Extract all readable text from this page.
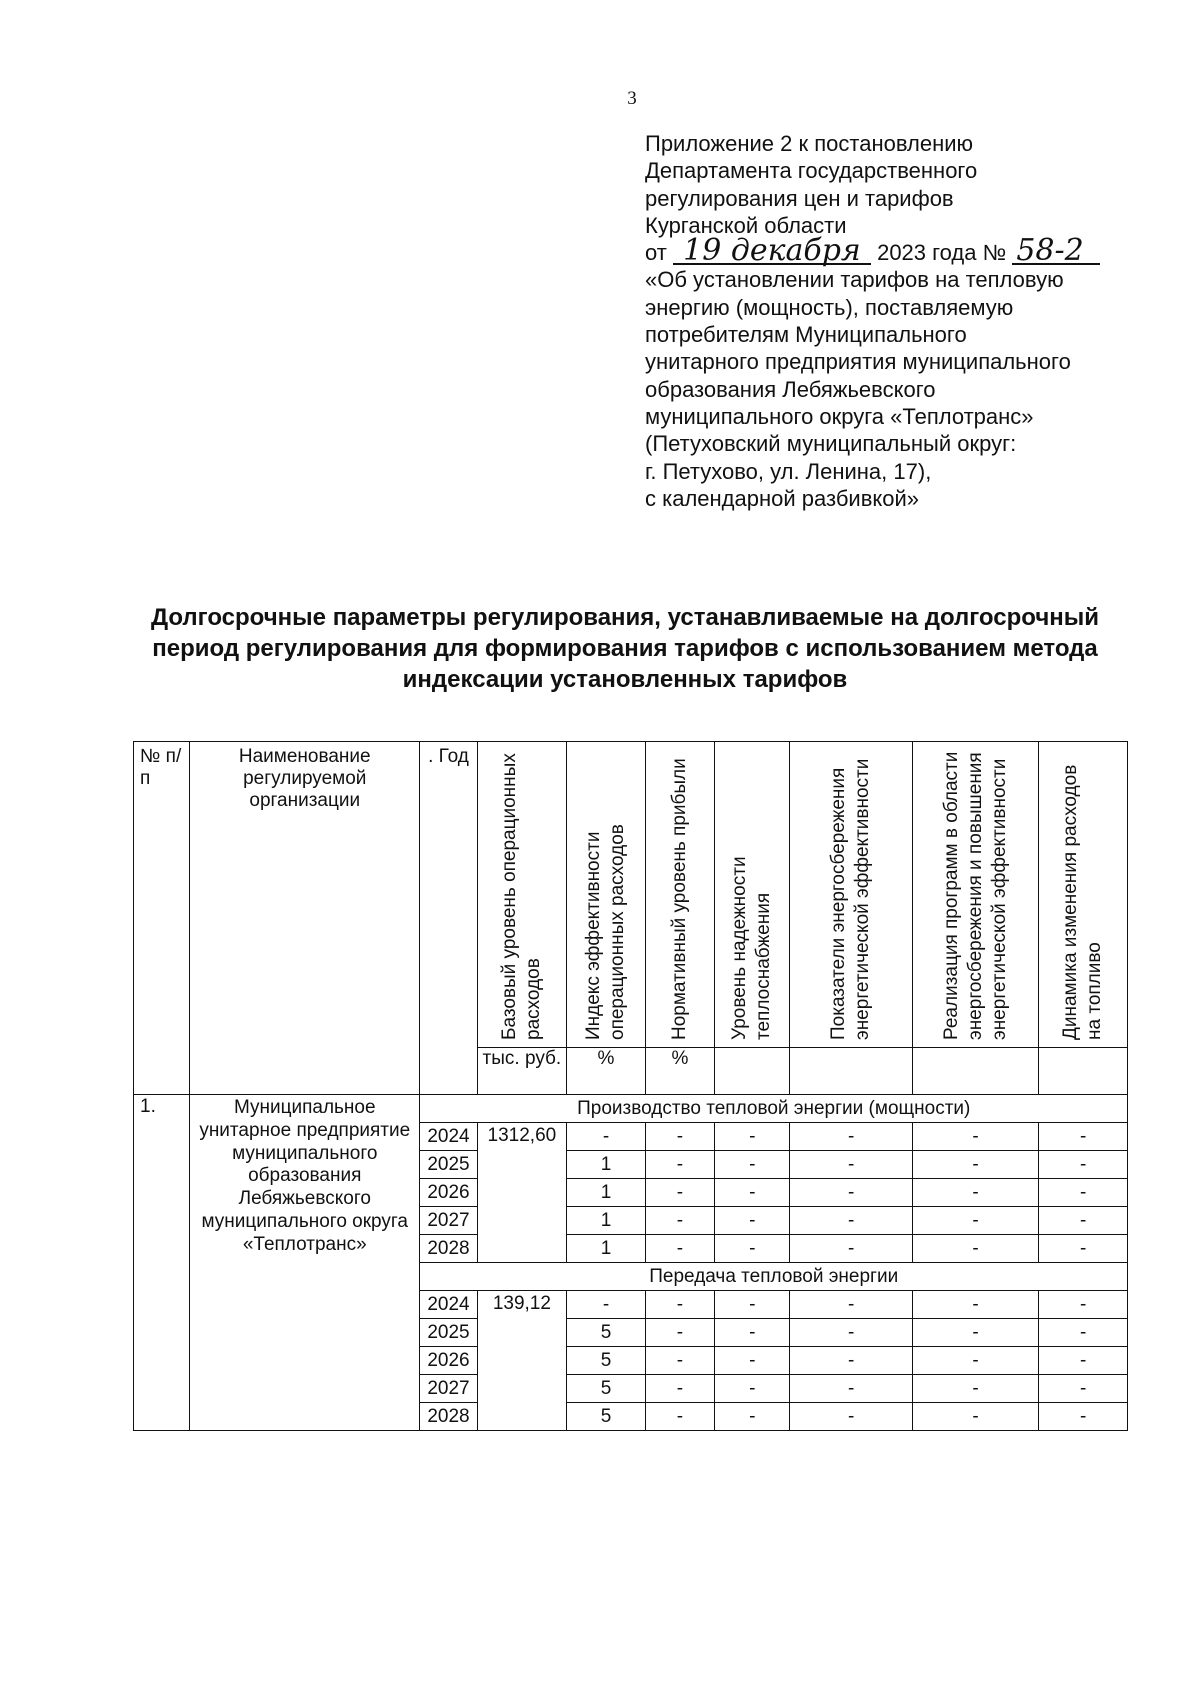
3
Приложение 2 к постановлению
Департамента государственного
регулирования цен и тарифов
Курганской области
от 19 декабря 2023 года № 58-2
«Об установлении тарифов на тепловую
энергию (мощность), поставляемую
потребителям Муниципального
унитарного предприятия муниципального
образования Лебяжьевского
муниципального округа «Теплотранс»
(Петуховский муниципальный округ:
г. Петухово, ул. Ленина, 17),
с календарной разбивкой»
Долгосрочные параметры регулирования, устанавливаемые на долгосрочный
период регулирования для формирования тарифов с использованием метода
индексации установленных тарифов
№ п/п	Наименование регулируемой организации	. Год	Базовый уровень операционных расходов	Индекс эффективности операционных расходов	Нормативный уровень прибыли	Уровень надежности теплоснабжения	Показатели энергосбережения энергетической эффективности	Реализация программ в области энергосбережения и повышения энергетической эффективности	Динамика изменения расходов на топливо

			тыс. руб.	%	%				
1.	Муниципальное унитарное предприятие муниципального образования Лебяжьевского муниципального округа «Теплотранс»	Производство тепловой энергии (мощности)							
		2024	1312,60	-	-	-	-	-	-
		2025		1	-	-	-	-	-
		2026		1	-	-	-	-	-
		2027		1	-	-	-	-	-
		2028		1	-	-	-	-	-
		Передача тепловой энергии							
		2024	139,12	-	-	-	-	-	-
		2025		5	-	-	-	-	-
		2026		5	-	-	-	-	-
		2027		5	-	-	-	-	-
		2028		5	-	-	-	-	-
